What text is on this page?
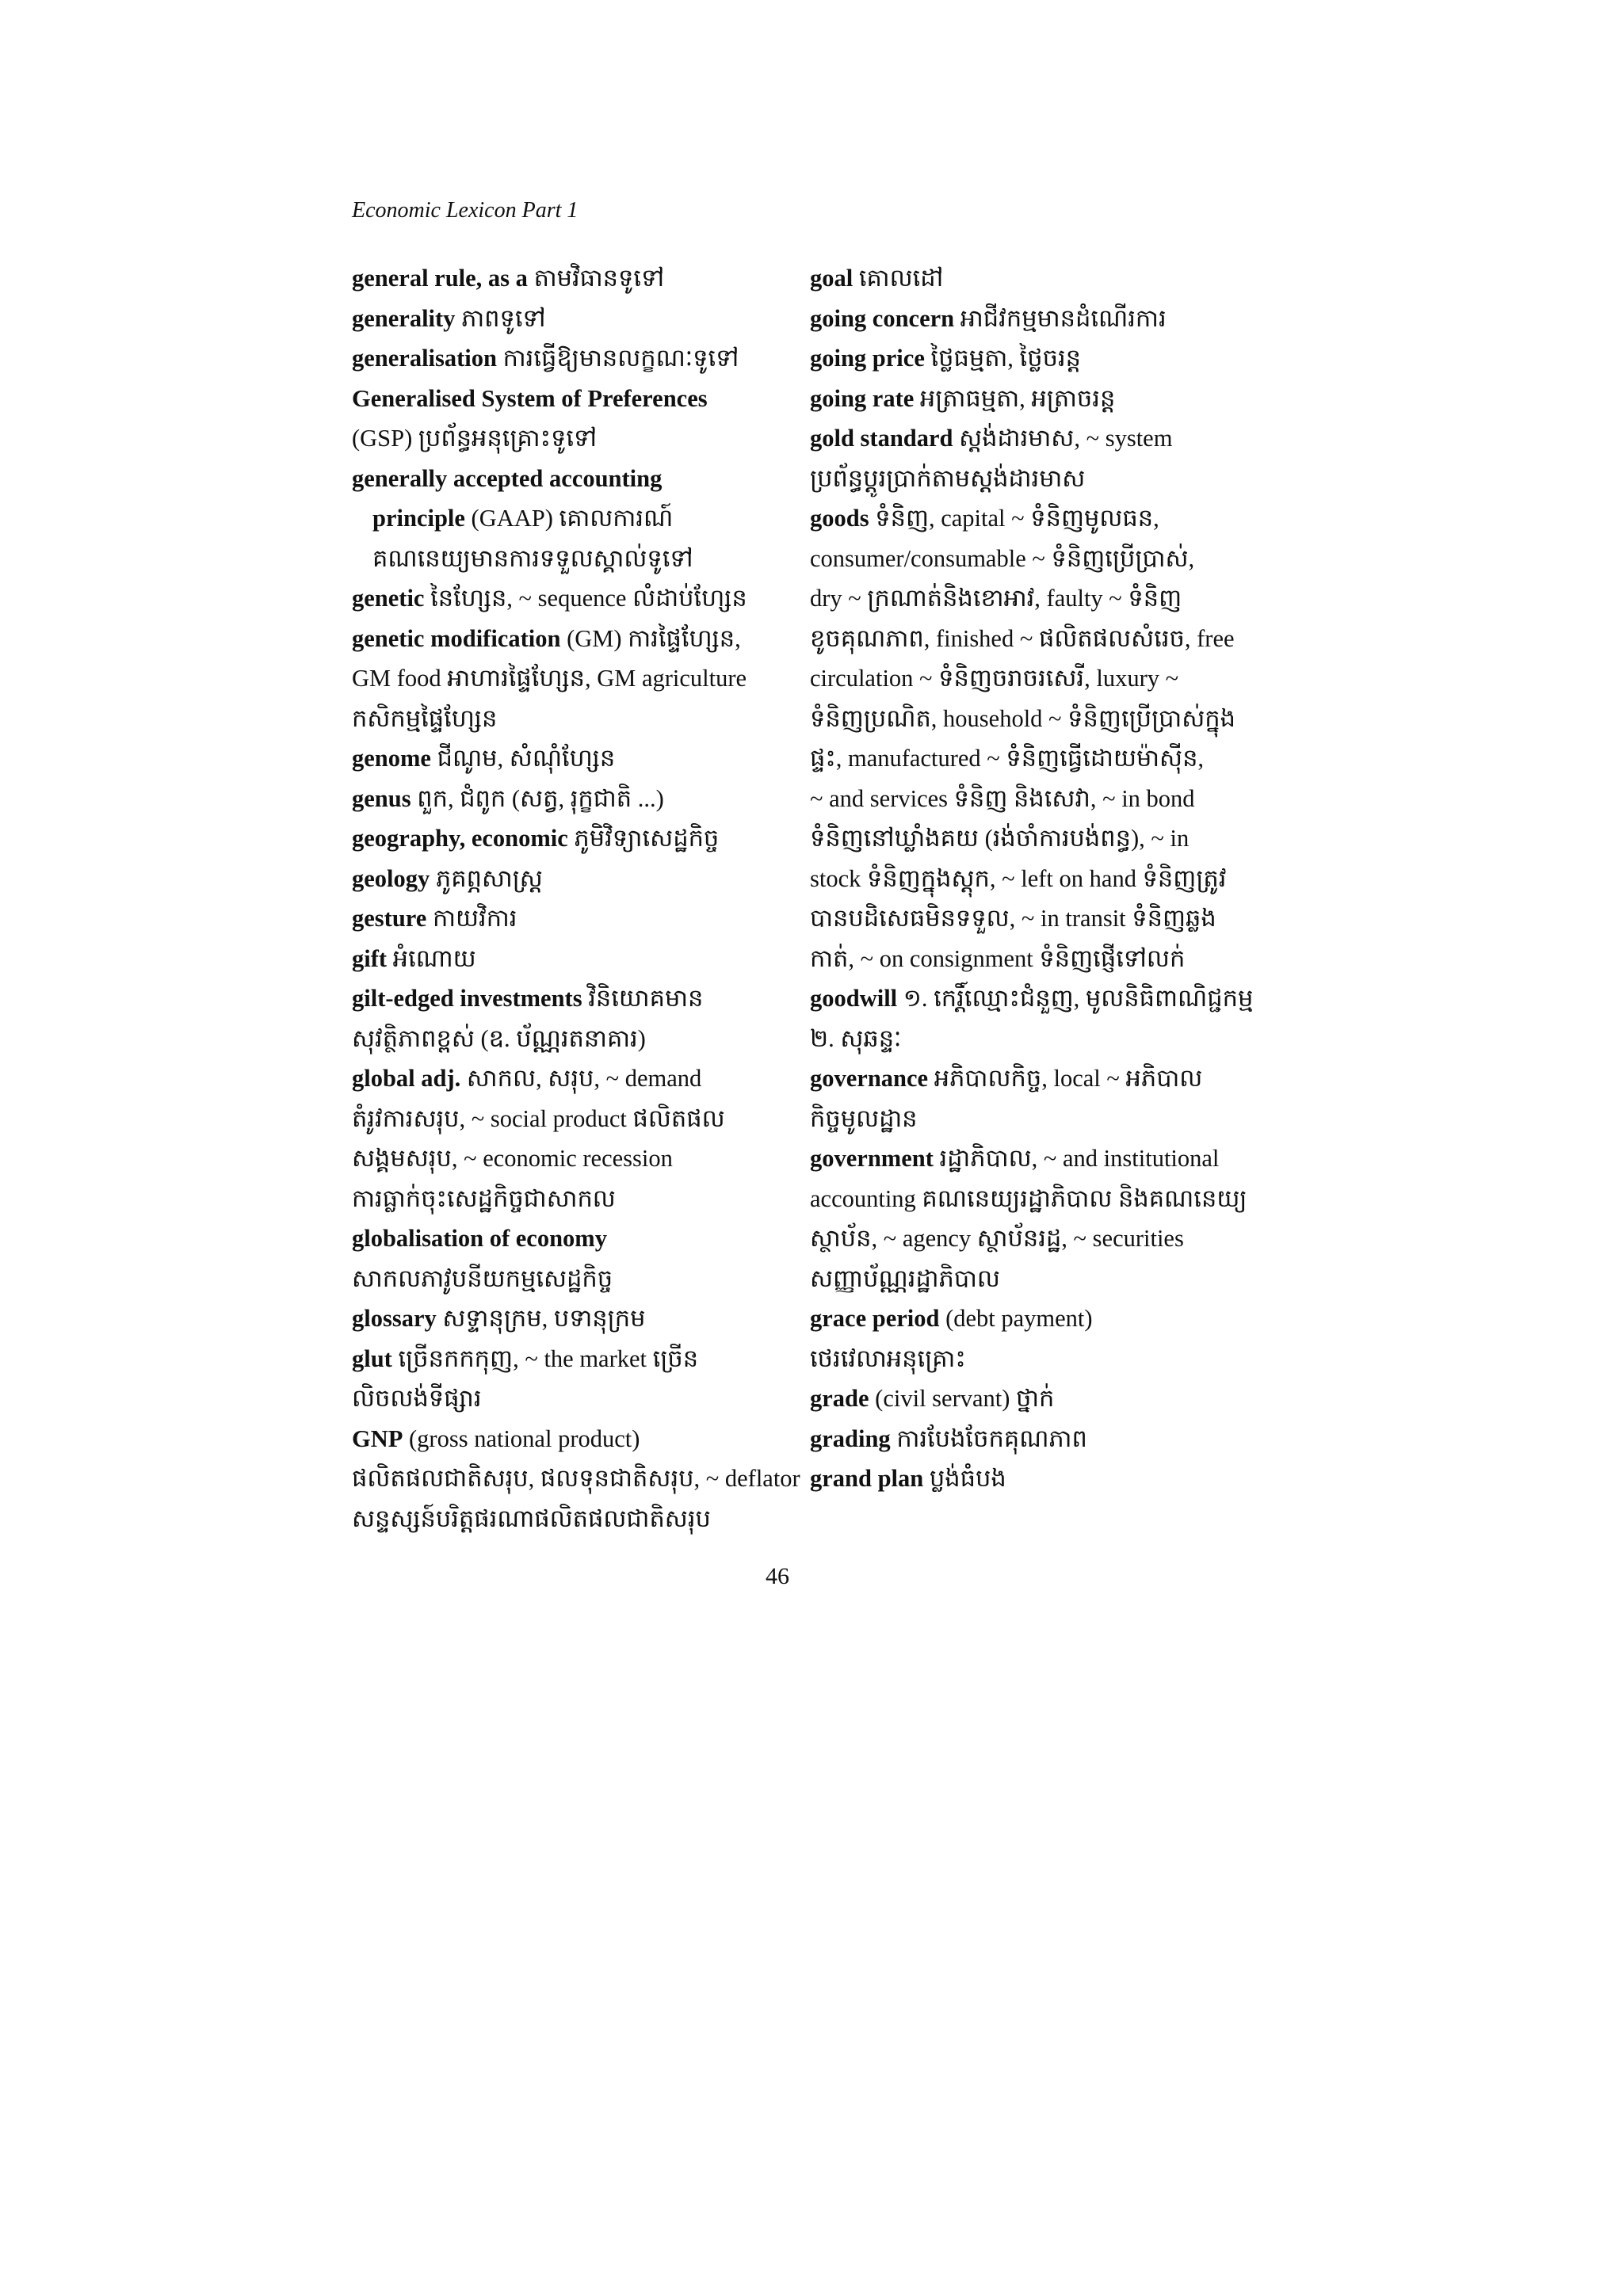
Economic Lexicon Part 1
general rule, as a តាមវិធានទូទៅ
generality ភាពទូទៅ
generalisation ការធ្វើឱ្យមានលក្ខណៈទូទៅ
Generalised System of Preferences
(GSP) ប្រព័ន្ធអនុគ្រោះទូទៅ
generally accepted accounting
principle (GAAP) គោលការណ៍
គណនេយ្យមានការទទួលស្គាល់ទូទៅ
genetic នៃហ្សែន, ~ sequence លំដាប់ហ្សែន
genetic modification (GM) ការផ្ទៃហ្សែន,
GM food អាហារផ្ទៃហ្សែន, GM agriculture
កសិកម្មផ្ទៃហ្សែន
genome ជីណូម, សំណុំហ្សែន
genus ពួក, ជំពូក (សត្វ, រុក្ខជាតិ ...)
geography, economic ភូមិវិទ្យាសេដ្ឋកិច្ច
geology ភូគព្ភសាស្ត្រ
gesture កាយវិការ
gift អំណោយ
gilt-edged investments វិនិយោគមាន
សុវត្ថិភាពខ្ពស់ (ឧ. ប័ណ្ណរតនាគារ)
global adj. សាកល, សរុប, ~ demand
តំរូវការសរុប, ~ social product ផលិតផល
សង្គមសរុប, ~ economic recession
ការធ្លាក់ចុះសេដ្ឋកិច្ចជាសាកល
globalisation of economy
សាកលភាវូបនីយកម្មសេដ្ឋកិច្ច
glossary សទ្ទានុក្រម, បទានុក្រម
glut ច្រើនកកកុញ, ~ the market ច្រើន
លិចលង់ទីផ្សារ
GNP (gross national product)
ផលិតផលជាតិសរុប, ផលទុនជាតិសរុប, ~ deflator
សន្ទស្សន៍បរិត្តផរណាផលិតផលជាតិសរុប
goal គោលដៅ
going concern អាជីវកម្មមានដំណើរការ
going price ថ្លៃធម្មតា, ថ្លៃចរន្ត
going rate អត្រាធម្មតា, អត្រាចរន្ត
gold standard ស្តង់ដារមាស, ~ system
ប្រព័ន្ធប្តូរប្រាក់តាមស្តង់ដារមាស
goods ទំនិញ, capital ~ ទំនិញមូលធន,
consumer/consumable ~ ទំនិញប្រើប្រាស់,
dry ~ ក្រណាត់និងខោអាវ, faulty ~ ទំនិញ
ខូចគុណភាព, finished ~ ផលិតផលសំរេច, free
circulation ~ ទំនិញចរាចរសេរី, luxury ~
ទំនិញប្រណិត, household ~ ទំនិញប្រើប្រាស់ក្នុង
ផ្ទះ, manufactured ~ ទំនិញធ្វើដោយម៉ាស៊ីន,
~ and services ទំនិញ និងសេវា, ~ in bond
ទំនិញនៅឃ្លាំងគយ (រង់ចាំការបង់ពន្ធ), ~ in
stock ទំនិញក្នុងស្តុក, ~ left on hand ទំនិញត្រូវ
បានបដិសេធមិនទទួល, ~ in transit ទំនិញឆ្លង
កាត់, ~ on consignment ទំនិញផ្ញើទៅលក់
goodwill ១. កេរ្តិ៍ឈ្មោះជំនួញ, មូលនិធិពាណិជ្ជកម្ម
២. សុឆន្ទៈ
governance អភិបាលកិច្ច, local ~ អភិបាល
កិច្ចមូលដ្ឋាន
government រដ្ឋាភិបាល, ~ and institutional
accounting គណនេយ្យរដ្ឋាភិបាល និងគណនេយ្យ
ស្ថាប័ន, ~ agency ស្ថាប័នរដ្ឋ, ~ securities
សញ្ញាប័ណ្ណរដ្ឋាភិបាល
grace period (debt payment)
ថេរវេលាអនុគ្រោះ
grade (civil servant) ថ្នាក់
grading ការបែងចែកគុណភាព
grand plan ប្លង់ធំបង
46
